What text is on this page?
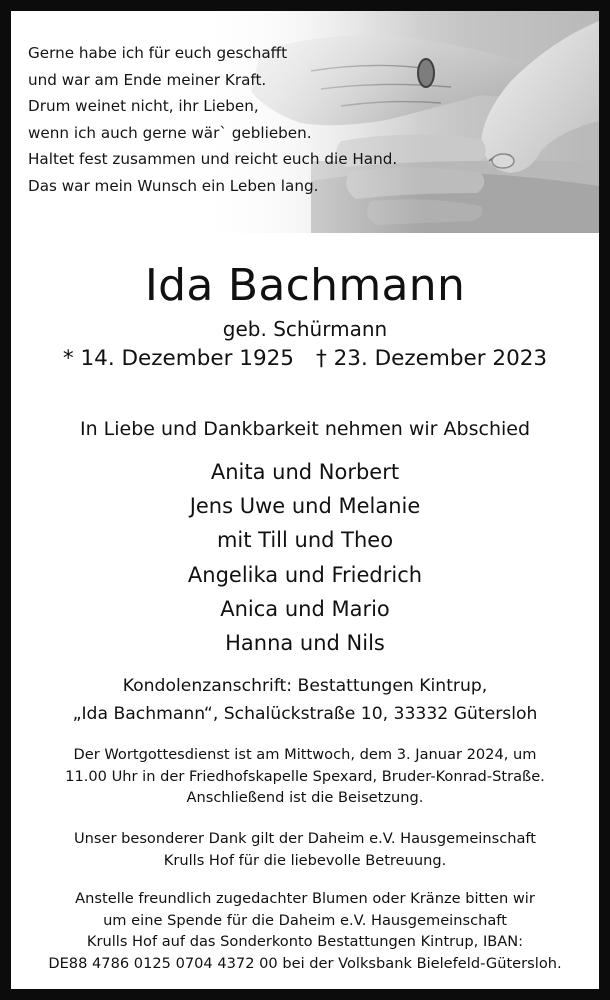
Gerne habe ich für euch geschafft
und war am Ende meiner Kraft.
Drum weinet nicht, ihr Lieben,
wenn ich auch gerne wär` geblieben.
Haltet fest zusammen und reicht euch die Hand.
Das war mein Wunsch ein Leben lang.
Ida Bachmann
geb. Schürmann
* 14. Dezember 1925 † 23. Dezember 2023
In Liebe und Dankbarkeit nehmen wir Abschied
Anita und Norbert
Jens Uwe und Melanie
mit Till und Theo
Angelika und Friedrich
Anica und Mario
Hanna und Nils
Kondolenzanschrift: Bestattungen Kintrup,
„Ida Bachmann“, Schalückstraße 10, 33332 Gütersloh
Der Wortgottesdienst ist am Mittwoch, dem 3. Januar 2024, um
11.00 Uhr in der Friedhofskapelle Spexard, Bruder-Konrad-Straße.
Anschließend ist die Beisetzung.
Unser besonderer Dank gilt der Daheim e.V. Hausgemeinschaft
Krulls Hof für die liebevolle Betreuung.
Anstelle freundlich zugedachter Blumen oder Kränze bitten wir
um eine Spende für die Daheim e.V. Hausgemeinschaft
Krulls Hof auf das Sonderkonto Bestattungen Kintrup, IBAN:
DE88 4786 0125 0704 4372 00 bei der Volksbank Bielefeld-Gütersloh.
